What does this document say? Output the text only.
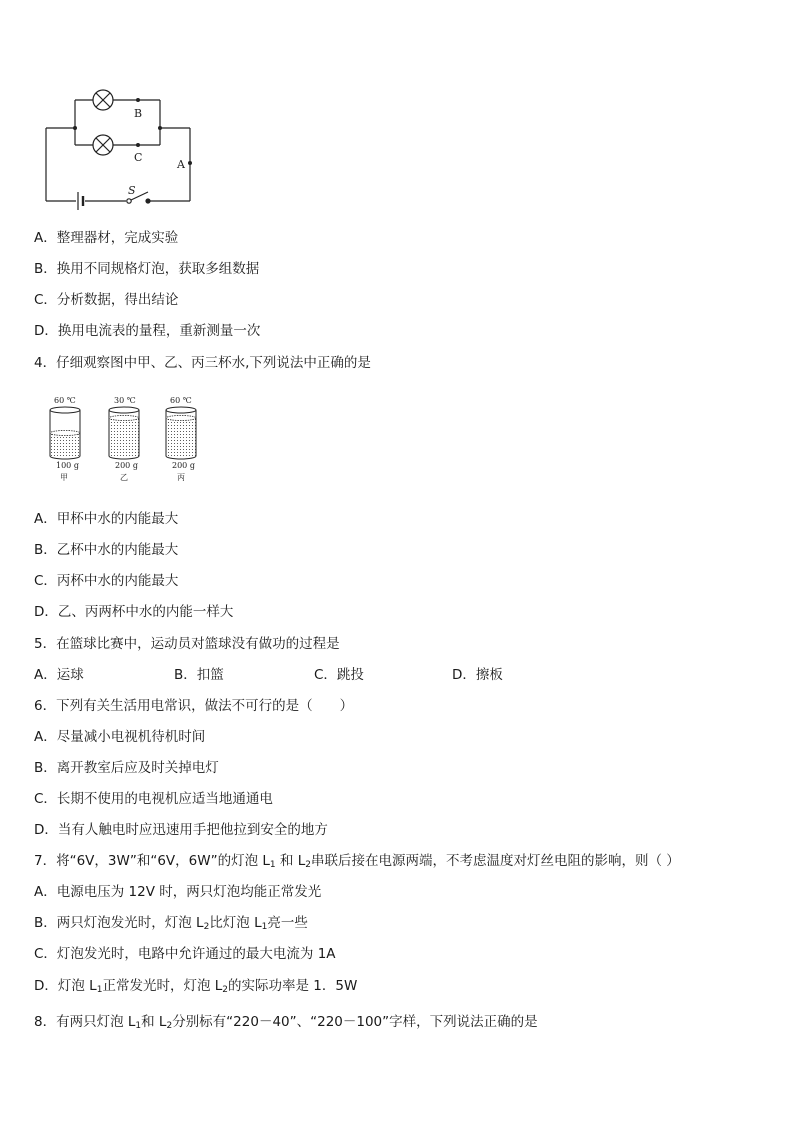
B
C
A
S
A．整理器材，完成实验
B．换用不同规格灯泡，获取多组数据
C．分析数据，得出结论
D．换用电流表的量程，重新测量一次
4．仔细观察图中甲、乙、丙三杯水,下列说法中正确的是
60 ℃
100 g
甲
30 ℃
200 g
乙
60 ℃
200 g
丙
A．甲杯中水的内能最大
B．乙杯中水的内能最大
C．丙杯中水的内能最大
D．乙、丙两杯中水的内能一样大
5．在篮球比赛中，运动员对篮球没有做功的过程是
A．运球	B．扣篮	C．跳投	D．擦板
6．下列有关生活用电常识，做法不可行的是（　　）
A．尽量减小电视机待机时间
B．离开教室后应及时关掉电灯
C．长期不使用的电视机应适当地通通电
D．当有人触电时应迅速用手把他拉到安全的地方
7．将“6V，3W”和“6V，6W”的灯泡 $L_1$ 和 $L_2$串联后接在电源两端，不考虑温度对灯丝电阻的影响，则（ ）
A．电源电压为 12V 时，两只灯泡均能正常发光
B．两只灯泡发光时，灯泡 $L_2$比灯泡 $L_1$亮一些
C．灯泡发光时，电路中允许通过的最大电流为 1A
D．灯泡 $L_1$正常发光时，灯泡 $L_2$的实际功率是 1．5W
8．有两只灯泡 $L_1$和 $L_2$分别标有“220－40”、“220－100”字样，下列说法正确的是
